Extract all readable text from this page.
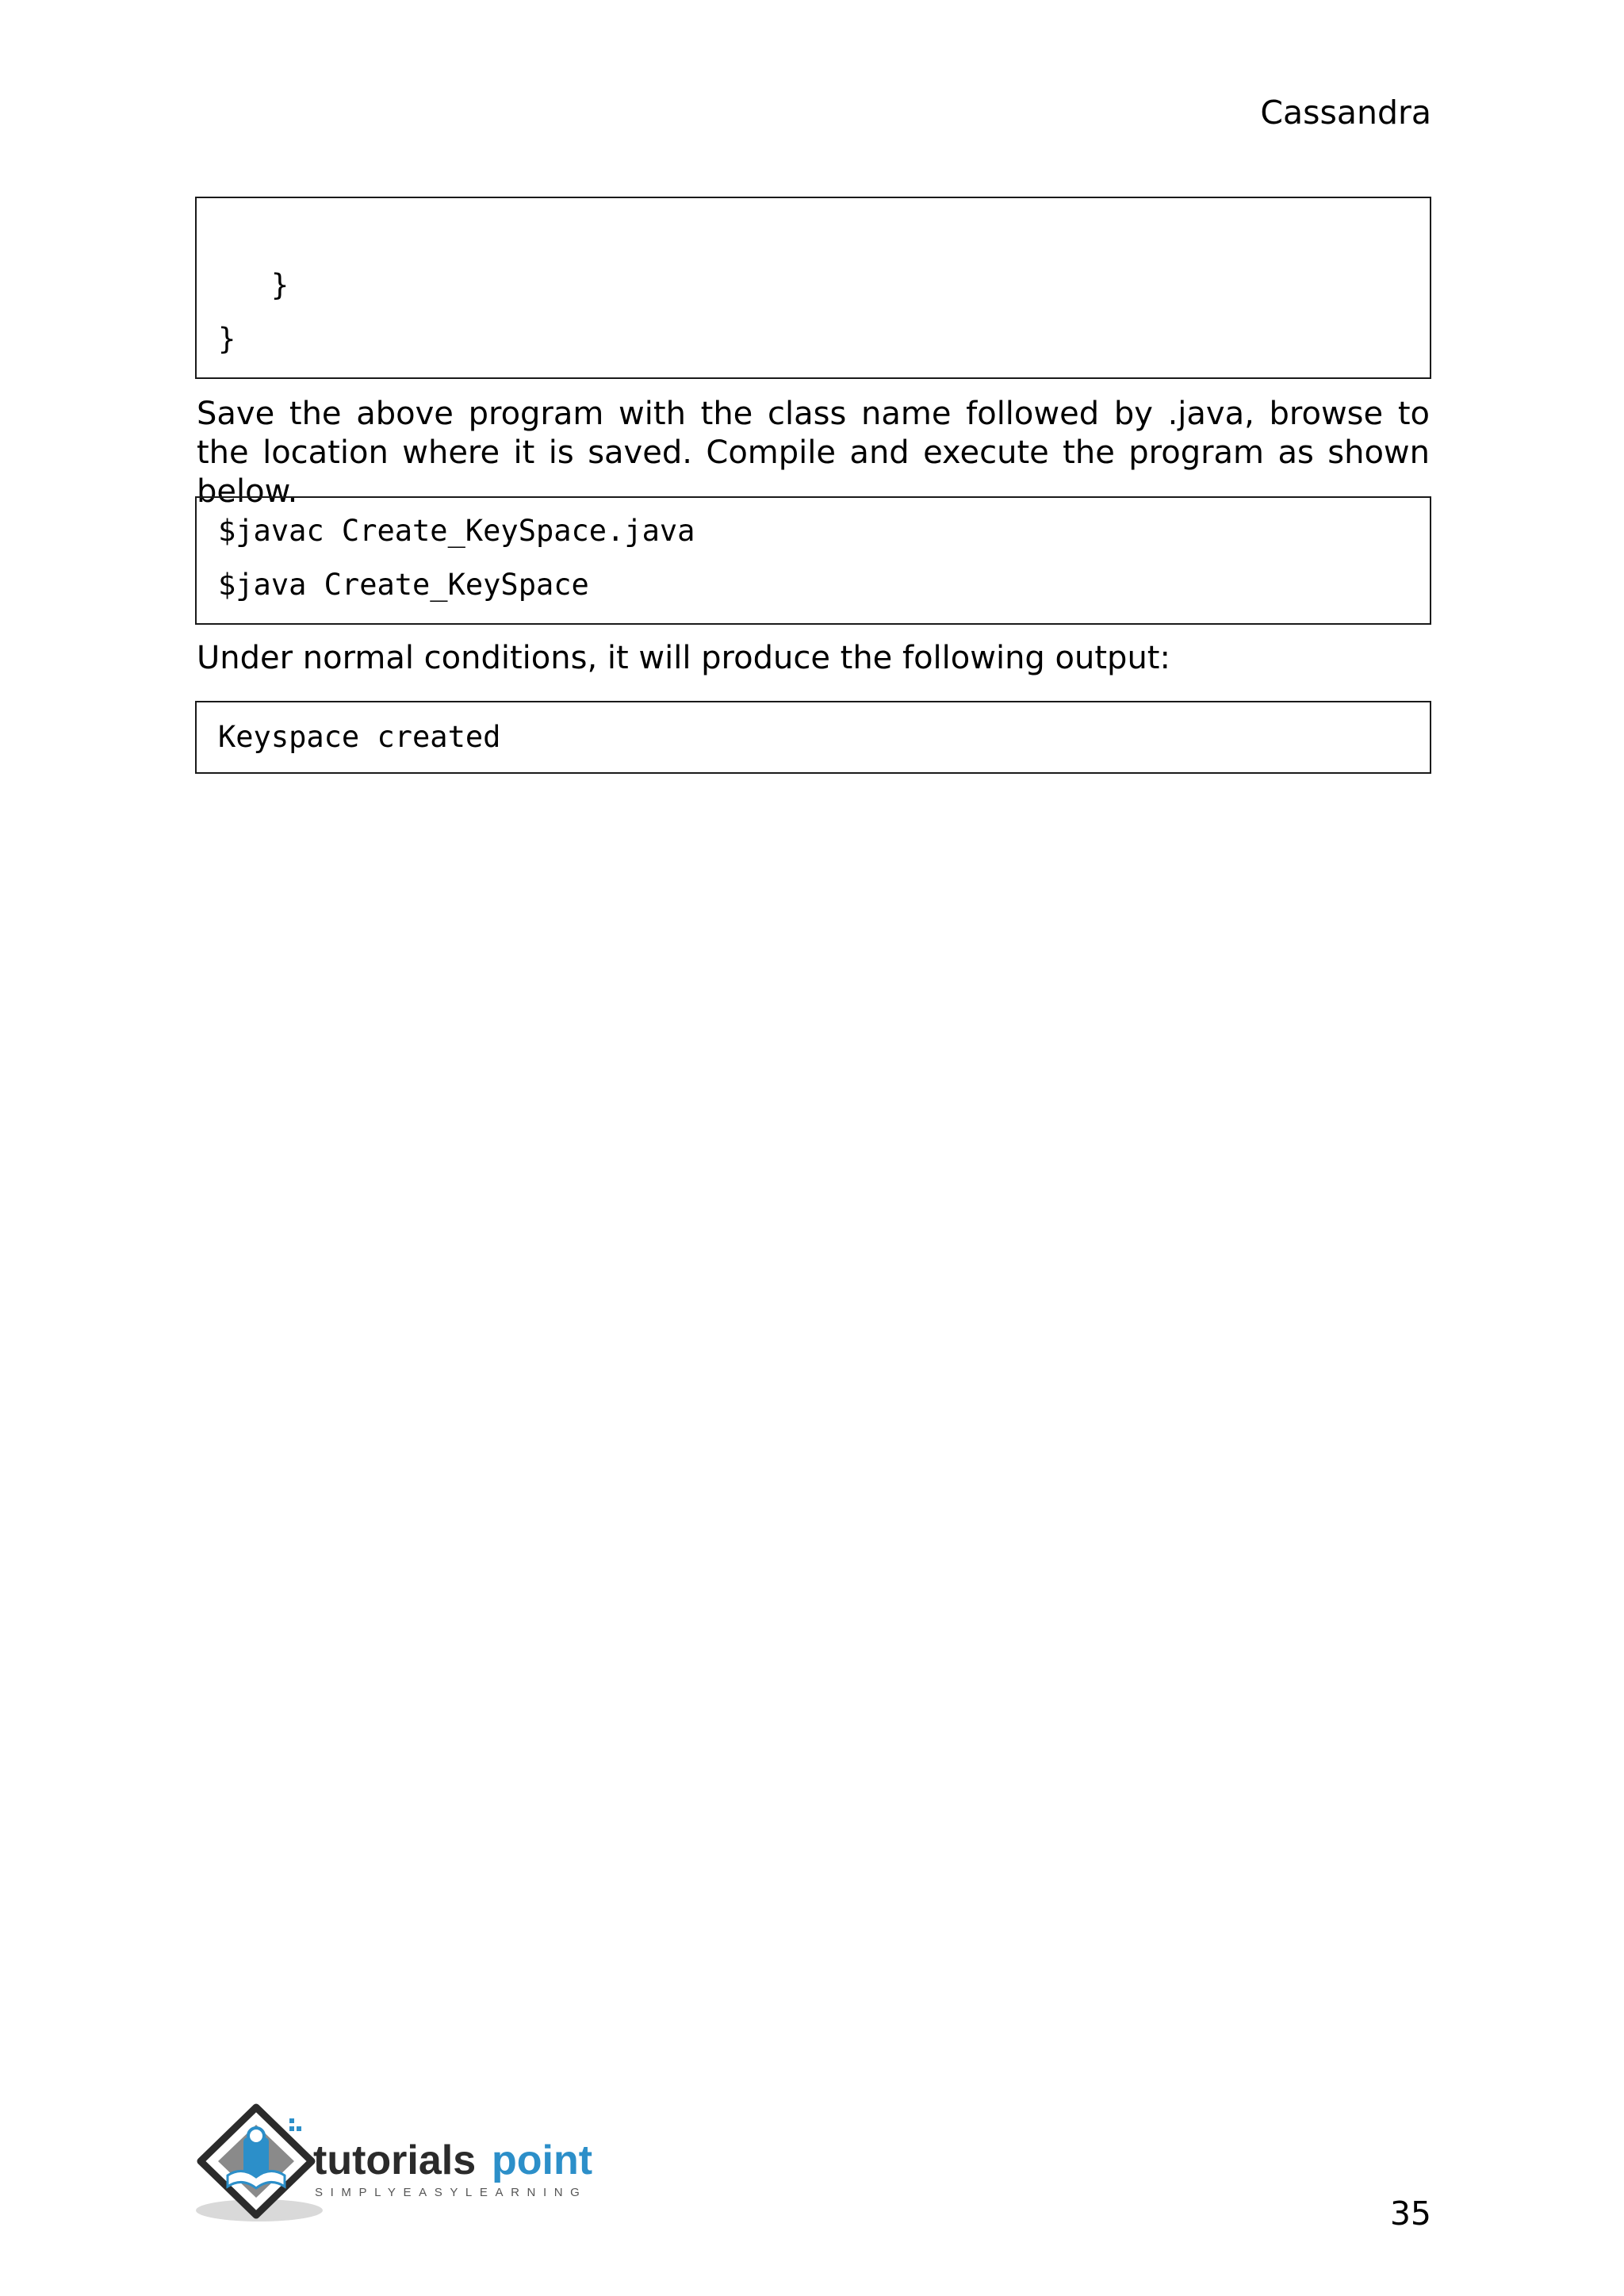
Cassandra
}
}

Save the above program with the class name followed by .java, browse to the location where it is saved. Compile and execute the program as shown below.

$javac Create_KeySpace.java
$java Create_KeySpace

Under normal conditions, it will produce the following output:

Keyspace created
tutorials point
SIMPLYEASYLEARNING
35
